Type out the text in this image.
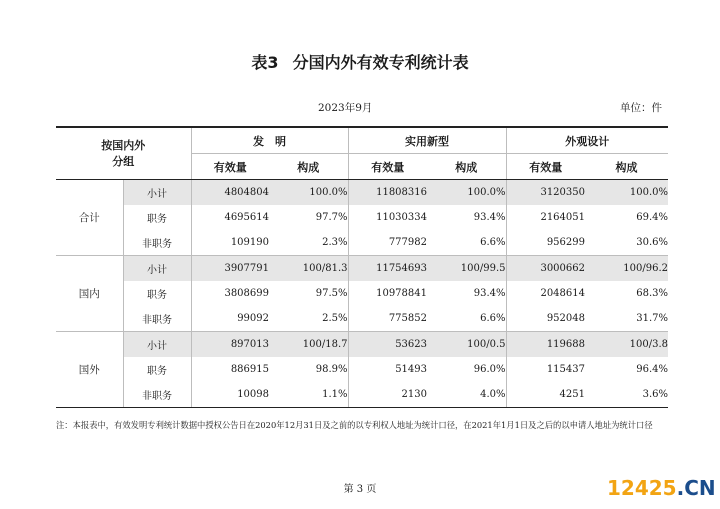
表3 分国内外有效专利统计表
2023年9月	单位：件
按国内外
分组		发　明		实用新型		外观设计	
		有效量	构成	有效量	构成	有效量	构成
合计	小计	4804804	100.0%	11808316	100.0%	3120350	100.0%
	职务	4695614	97.7%	11030334	93.4%	2164051	69.4%
	非职务	109190	2.3%	777982	6.6%	956299	30.6%
国内	小计	3907791	100/81.3	11754693	100/99.5	3000662	100/96.2
	职务	3808699	97.5%	10978841	93.4%	2048614	68.3%
	非职务	99092	2.5%	775852	6.6%	952048	31.7%
国外	小计	897013	100/18.7	53623	100/0.5	119688	100/3.8
	职务	886915	98.9%	51493	96.0%	115437	96.4%
	非职务	10098	1.1%	2130	4.0%	4251	3.6%
注：本报表中，有效发明专利统计数据中授权公告日在2020年12月31日及之前的以专利权人地址为统计口径，在2021年1月1日及之后的以申请人地址为统计口径
第 3 页	12425.CN
